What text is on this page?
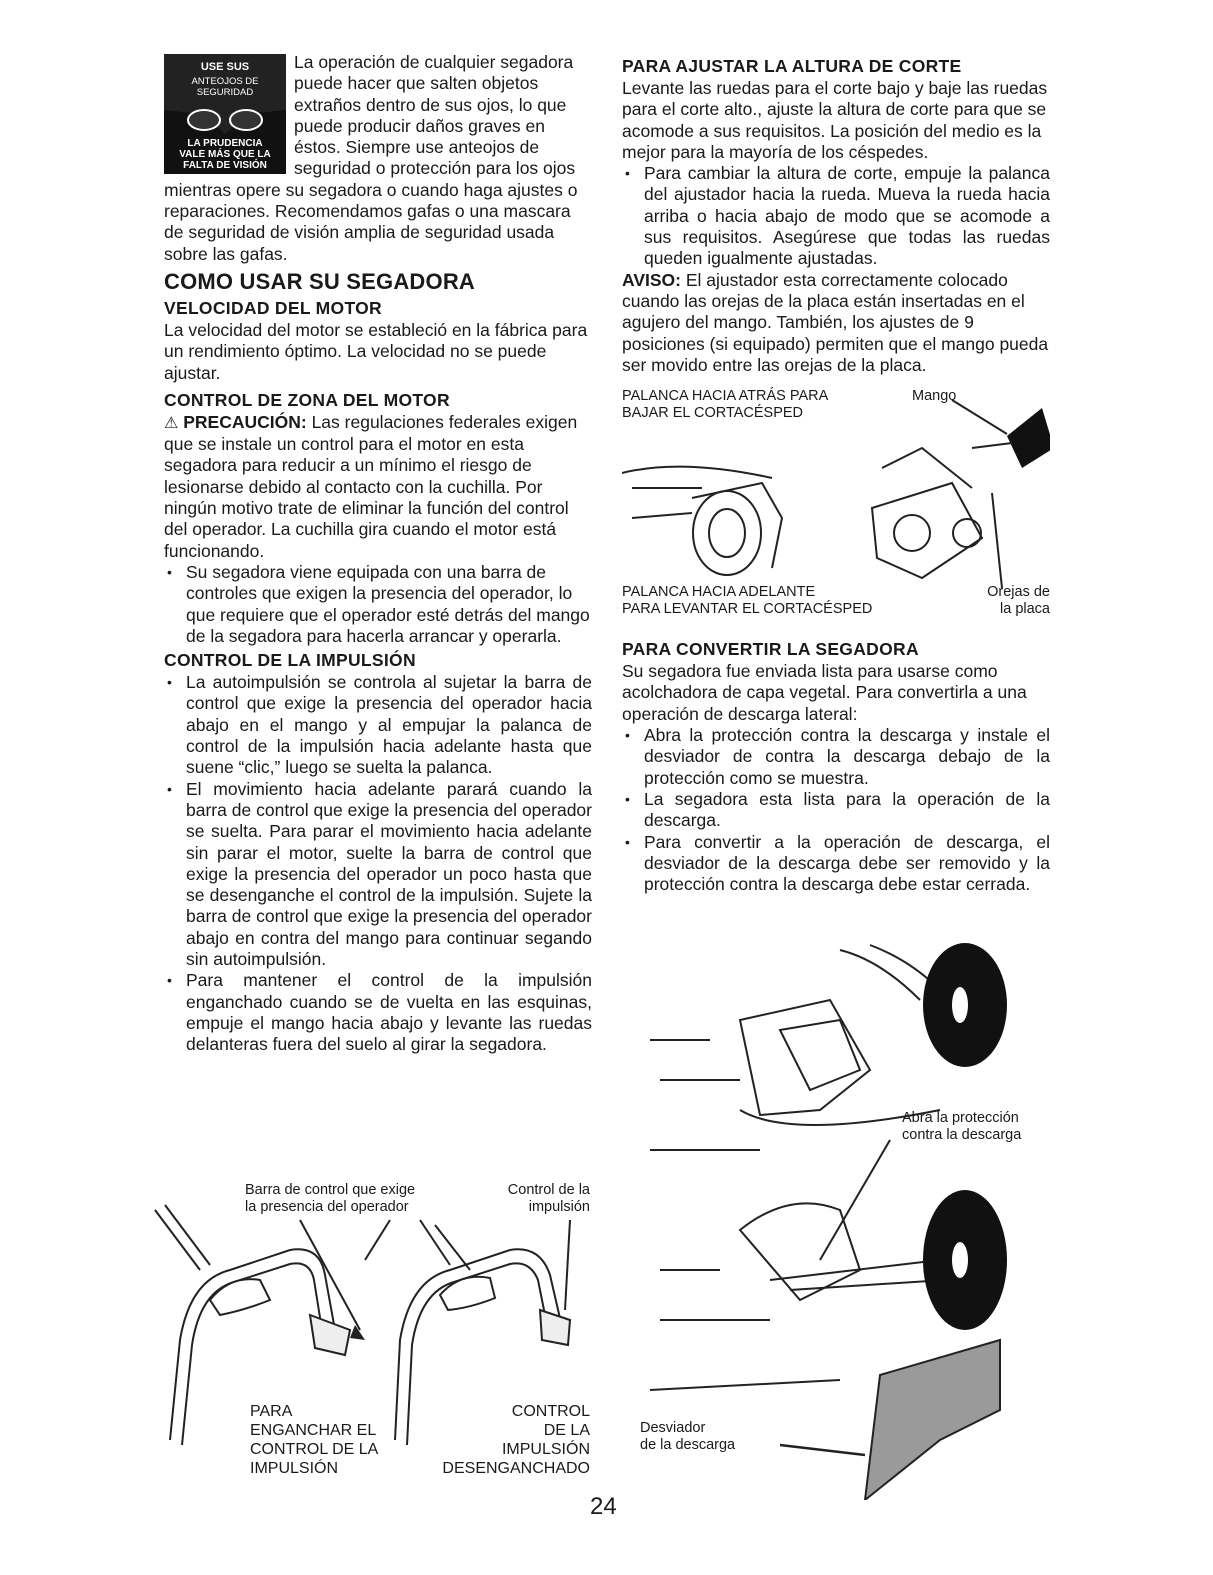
USE SUS
ANTEOJOS DE
SEGURIDAD
LA PRUDENCIA
VALE MÁS QUE LA
FALTA DE VISIÓN

La operación de cualquier segadora puede hacer que salten objetos extraños dentro de sus ojos, lo que puede producir daños graves en éstos. Siempre use anteojos de seguridad o protección para los ojos mientras opere su segadora o cuando haga ajustes o reparaciones. Recomendamos gafas o una mascara de seguridad de visión amplia de seguridad usada sobre las gafas.

COMO USAR SU SEGADORA
VELOCIDAD DEL MOTOR

La velocidad del motor se estableció en la fábrica para un rendimiento óptimo. La velocidad no se puede ajustar.

CONTROL DE ZONA DEL MOTOR

⚠ PRECAUCIÓN: Las regulaciones federales exigen que se instale un control para el motor en esta segadora para reducir a un mínimo el riesgo de lesionarse debido al contacto con la cuchilla. Por ningún motivo trate de eliminar la función del control del operador. La cuchilla gira cuando el motor está funcionando.

• Su segadora viene equipada con una barra de controles que exigen la presencia del operador, lo que requiere que el operador esté detrás del mango de la segadora para hacerla arrancar y operarla.
CONTROL DE LA IMPULSIÓN
• La autoimpulsión se controla al sujetar la barra de control que exige la presencia del operador hacia abajo en el mango y al empujar la palanca de control de la impulsión hacia adelante hasta que suene “clic,” luego se suelta la palanca.
• El movimiento hacia adelante parará cuando la barra de control que exige la presencia del operador se suelta. Para parar el movimiento hacia adelante sin parar el motor, suelte la barra de control que exige la presencia del operador un poco hasta que se desenganche el control de la impulsión. Sujete la barra de control que exige la presencia del operador abajo en contra del mango para continuar segando sin autoimpulsión.
• Para mantener el control de la impulsión enganchado cuando se de vuelta en las esquinas, empuje el mango hacia abajo y levante las ruedas delanteras fuera del suelo al girar la segadora.
Barra de control que exige
la presencia del operador
Control de la
impulsión
PARA
ENGANCHAR EL
CONTROL DE LA
IMPULSIÓN
CONTROL
DE LA
IMPULSIÓN
DESENGANCHADO
PARA AJUSTAR LA ALTURA DE CORTE

Levante las ruedas para el corte bajo y baje las ruedas para el corte alto., ajuste la altura de corte para que se acomode a sus requisitos. La posición del medio es la mejor para la mayoría de los céspedes.

• Para cambiar la altura de corte, empuje la palanca del ajustador hacia la rueda. Mueva la rueda hacia arriba o hacia abajo de modo que se acomode a sus requisitos. Asegúrese que todas las ruedas queden igualmente ajustadas.

AVISO: El ajustador esta correctamente colocado cuando las orejas de la placa están insertadas en el agujero del mango. También, los ajustes de 9 posiciones (si equipado) permiten que el mango pueda ser movido entre las orejas de la placa.

PALANCA HACIA ATRÁS PARA
BAJAR EL CORTACÉSPED
Mango
PALANCA HACIA ADELANTE
PARA LEVANTAR EL CORTACÉSPED
Orejas de
la placa
PARA CONVERTIR LA SEGADORA

Su segadora fue enviada lista para usarse como acolchadora de capa vegetal. Para convertirla a una operación de descarga lateral:

• Abra la protección contra la descarga y instale el desviador de contra la descarga debajo de la protección como se muestra.
• La segadora esta lista para la operación de la descarga.
• Para convertir a la operación de descarga, el desviador de la descarga debe ser removido y la protección contra la descarga debe estar cerrada.
Abra la protección
contra la descarga
Desviador
de la descarga
24
